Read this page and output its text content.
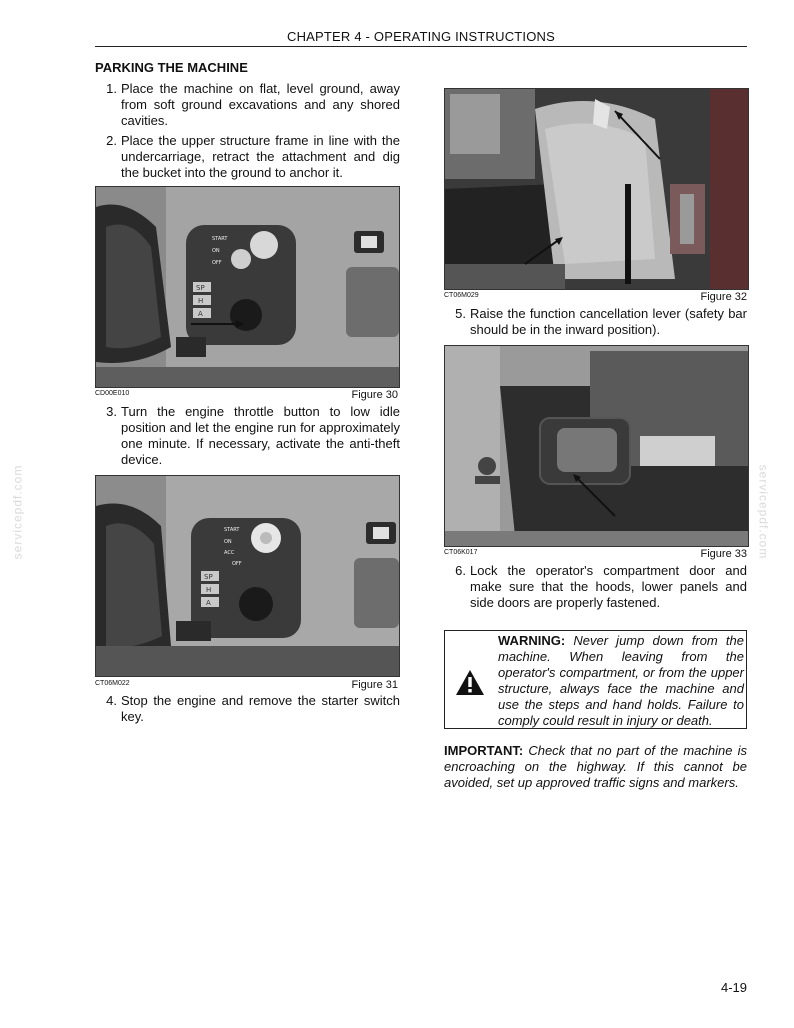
CHAPTER 4 - OPERATING INSTRUCTIONS
PARKING THE MACHINE
1. Place the machine on flat, level ground, away from soft ground excavations and any shored cavities.
2. Place the upper structure frame in line with the undercarriage, retract the attachment and dig the bucket into the ground to anchor it.
START
ON
OFF
SP
H
A
CD00E010	Figure 30
3. Turn the engine throttle button to low idle position and let the engine run for approximately one minute. If necessary, activate the anti-theft device.
START
ON
ACC
OFF
SP
H
A
CT06M022	Figure 31
4. Stop the engine and remove the starter switch key.
CT06M029	Figure 32
5. Raise the function cancellation lever (safety bar should be in the inward position).
CT06K017	Figure 33
6. Lock the operator's compartment door and make sure that the hoods, lower panels and side doors are properly fastened.
WARNING: Never jump down from the machine. When leaving from the operator's compartment, or from the upper structure, always face the machine and use the steps and hand holds. Failure to comply could result in injury or death.
IMPORTANT: Check that no part of the machine is encroaching on the highway. If this cannot be avoided, set up approved traffic signs and markers.
servicepdf.com	servicepdf.com
4-19
